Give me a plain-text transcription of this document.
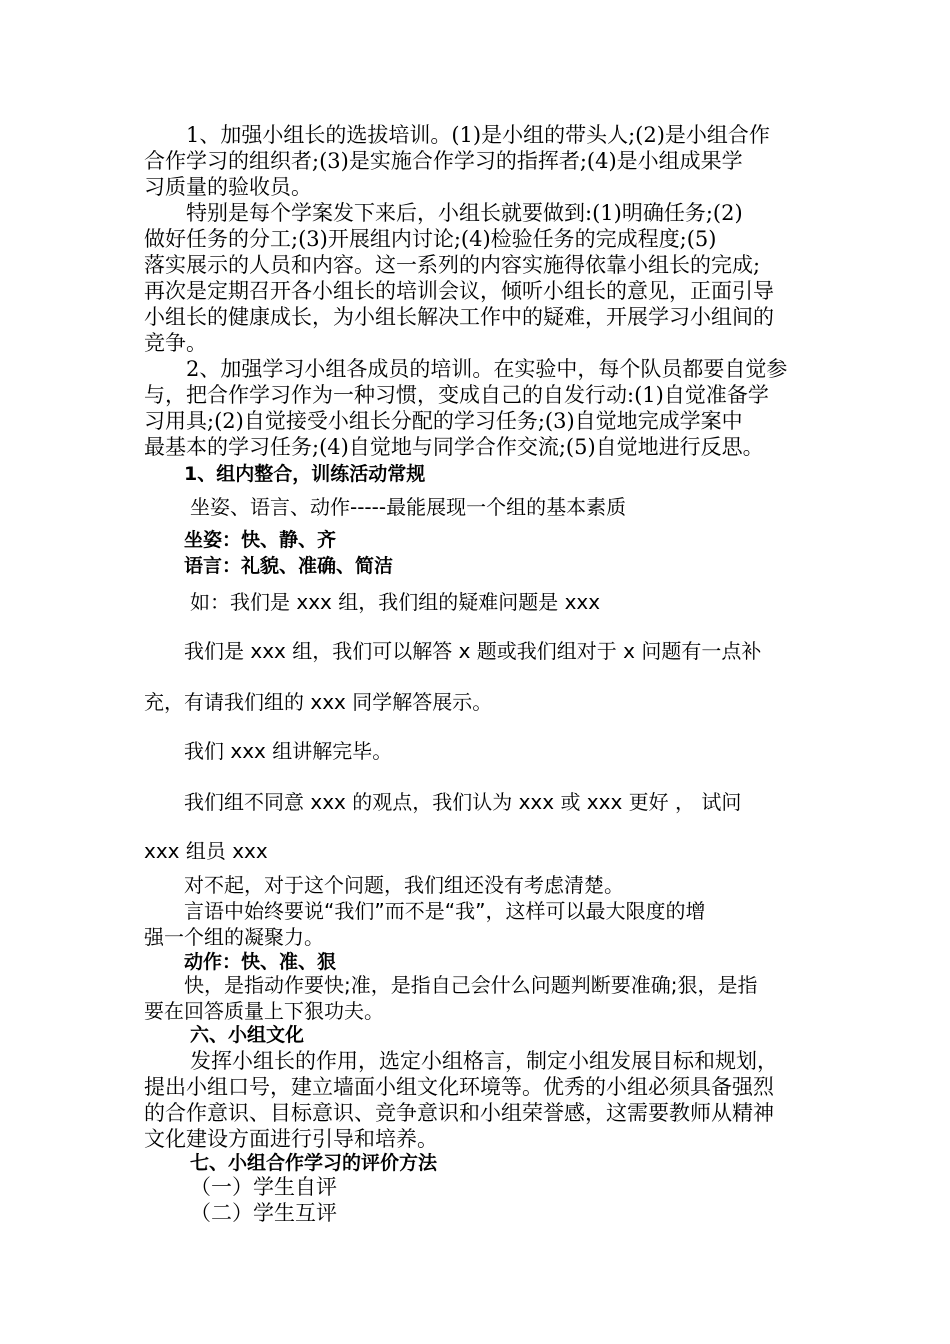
1、加强小组长的选拔培训。(1)是小组的带头人;(2)是小组合作
合作学习的组织者;(3)是实施合作学习的指挥者;(4)是小组成果学
习质量的验收员。
特别是每个学案发下来后，小组长就要做到:(1)明确任务;(2)
做好任务的分工;(3)开展组内讨论;(4)检验任务的完成程度;(5)
落实展示的人员和内容。这一系列的内容实施得依靠小组长的完成;
再次是定期召开各小组长的培训会议，倾听小组长的意见，正面引导
小组长的健康成长，为小组长解决工作中的疑难，开展学习小组间的
竞争。
2、加强学习小组各成员的培训。在实验中，每个队员都要自觉参
与，把合作学习作为一种习惯，变成自己的自发行动:(1)自觉准备学
习用具;(2)自觉接受小组长分配的学习任务;(3)自觉地完成学案中
最基本的学习任务;(4)自觉地与同学合作交流;(5)自觉地进行反思。
1、组内整合，训练活动常规
坐姿、语言、动作-----最能展现一个组的基本素质
坐姿：快、静、齐
语言：礼貌、准确、简洁
如：我们是 xxx 组，我们组的疑难问题是 xxx
我们是 xxx 组，我们可以解答 x 题或我们组对于 x 问题有一点补
充，有请我们组的 xxx 同学解答展示。
我们 xxx 组讲解完毕。
我们组不同意 xxx 的观点，我们认为 xxx 或 xxx 更好 ， 试问
xxx 组员 xxx
对不起，对于这个问题，我们组还没有考虑清楚。
言语中始终要说“我们”而不是“我”，这样可以最大限度的增
强一个组的凝聚力。
动作：快、准、狠
快，是指动作要快;准，是指自己会什么问题判断要准确;狠，是指
要在回答质量上下狠功夫。
六、小组文化
发挥小组长的作用，选定小组格言，制定小组发展目标和规划，
提出小组口号，建立墙面小组文化环境等。优秀的小组必须具备强烈
的合作意识、目标意识、竞争意识和小组荣誉感，这需要教师从精神
文化建设方面进行引导和培养。
七、小组合作学习的评价方法
（一）学生自评
（二）学生互评
